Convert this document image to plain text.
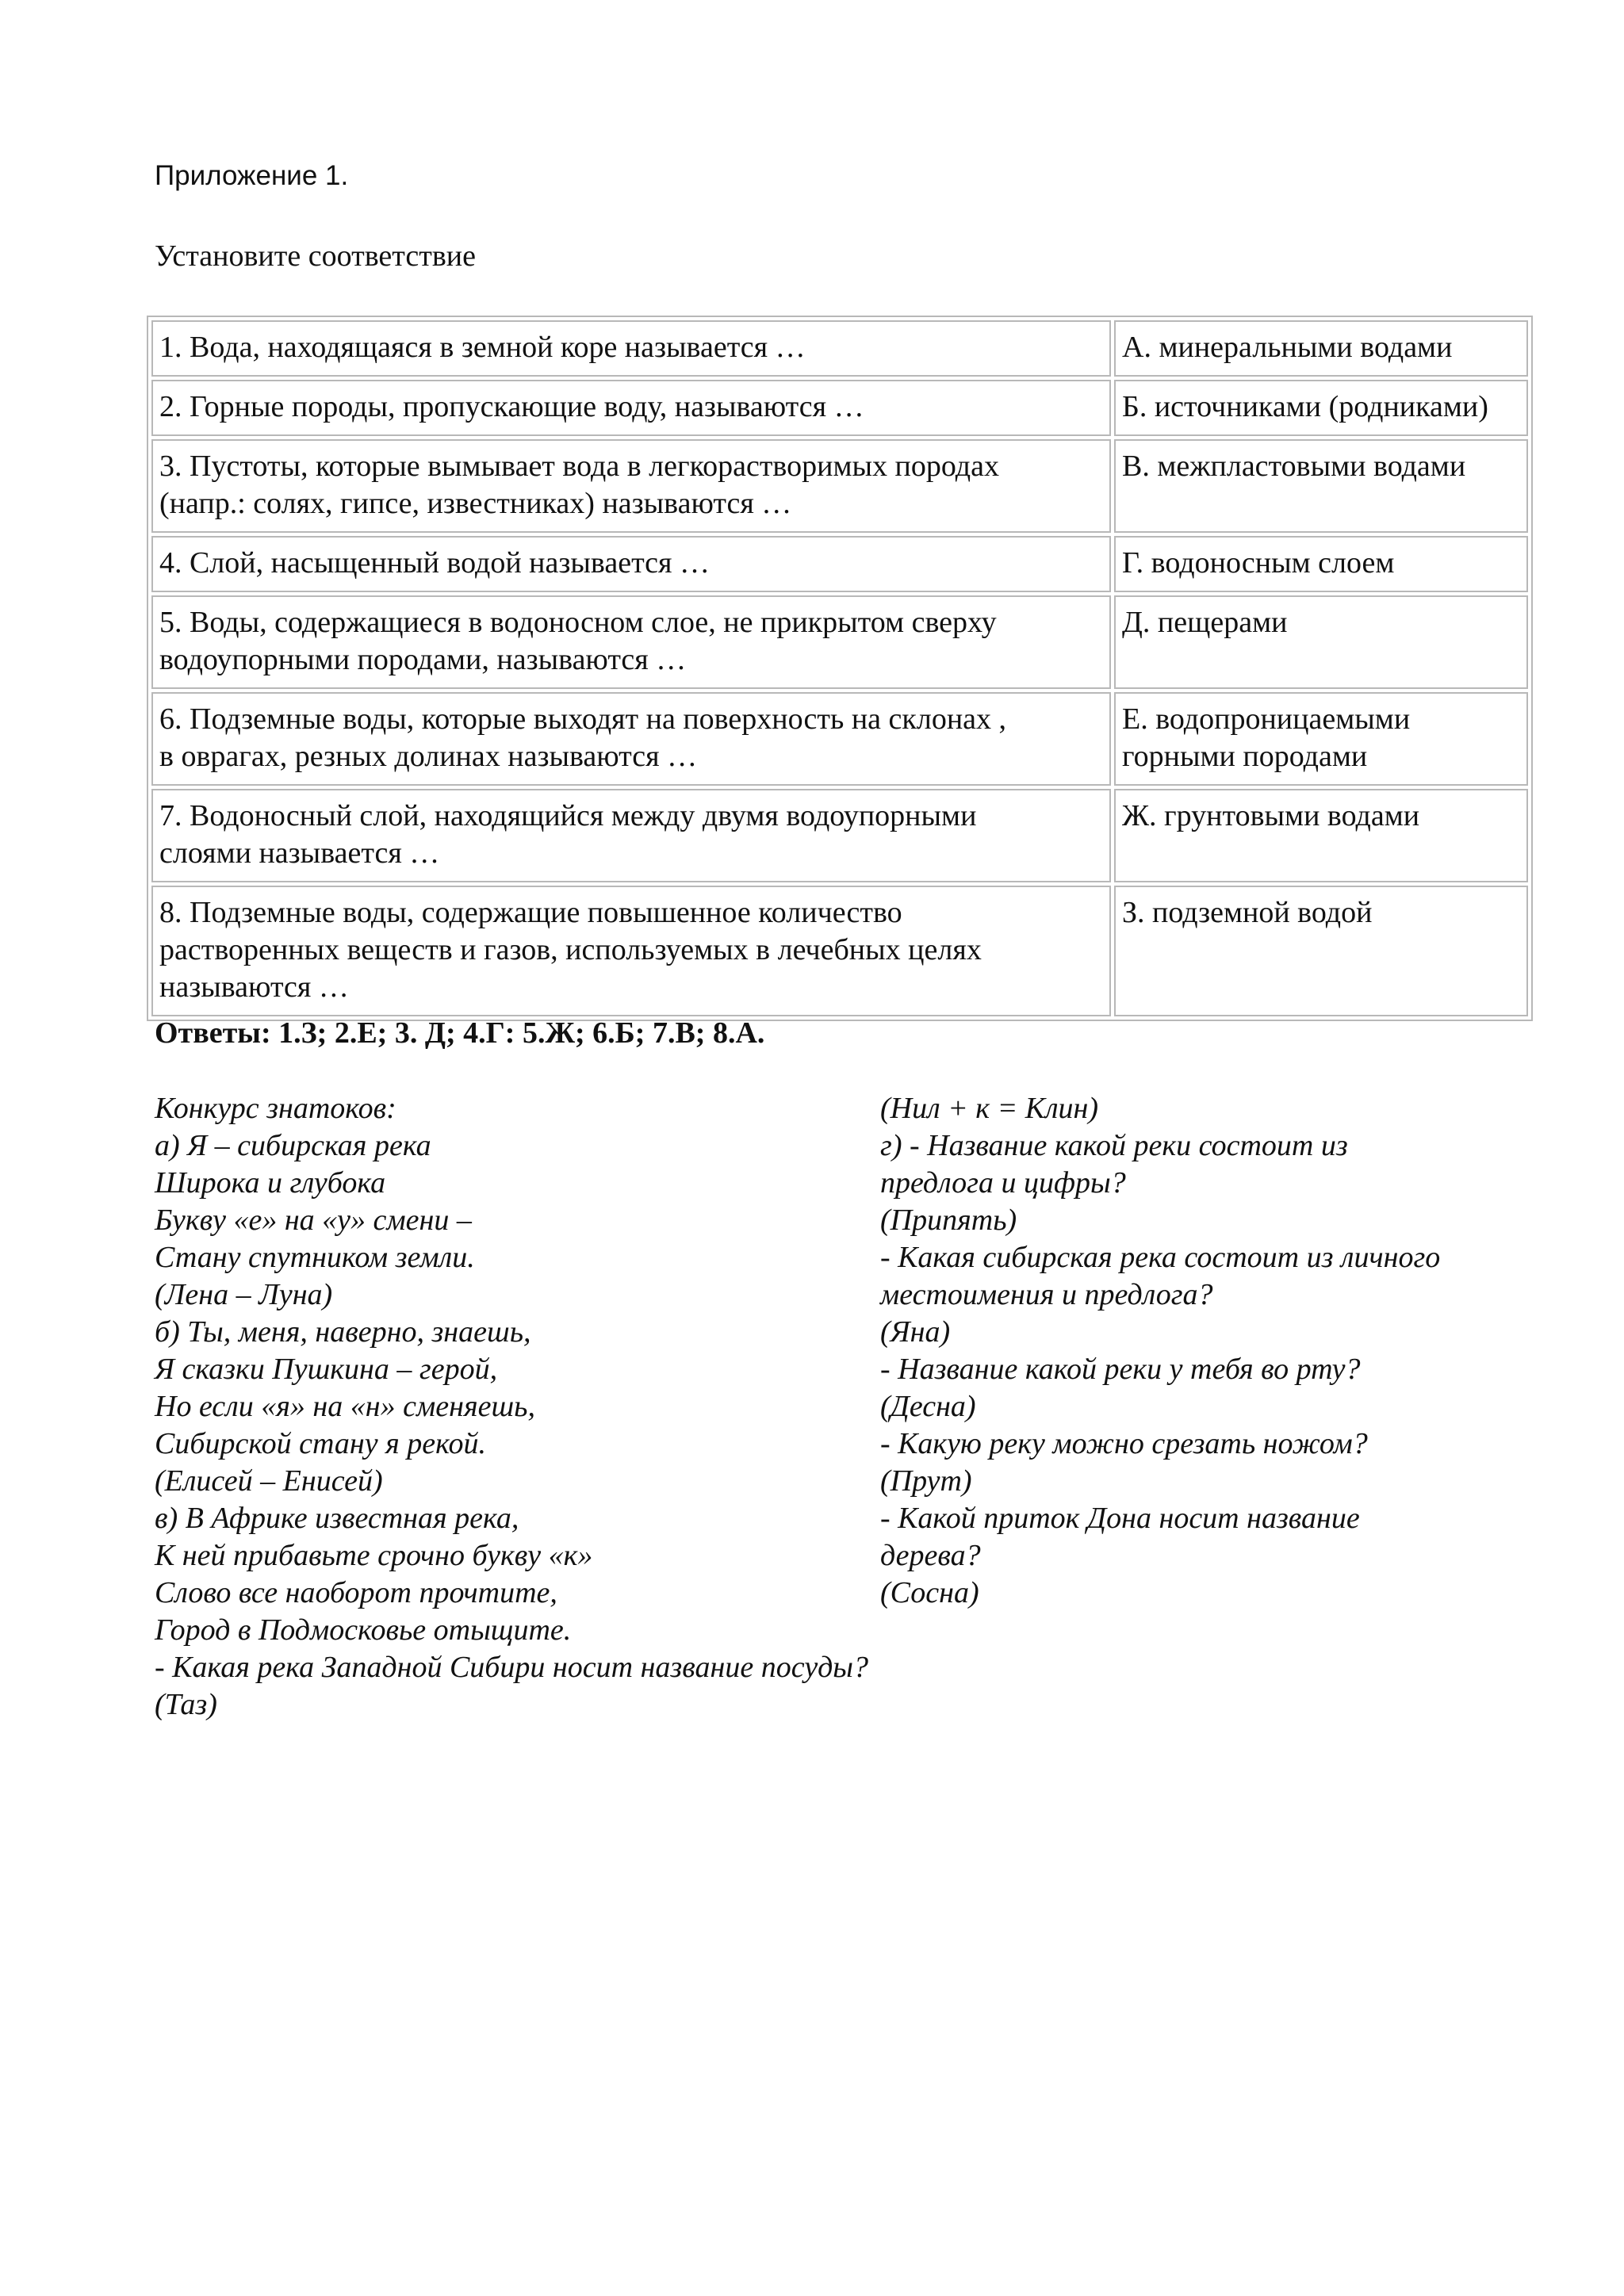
Приложение 1.
Установите соответствие
1. Вода, находящаяся в земной коре называется …	А. минеральными водами
2. Горные породы, пропускающие воду, называются …	Б. источниками (родниками)
3. Пустоты, которые вымывает вода в легкорастворимых породах
(напр.: солях, гипсе, известниках) называются …	В. межпластовыми водами
4. Слой, насыщенный водой называется …	Г. водоносным слоем
5. Воды, содержащиеся в водоносном слое, не прикрытом сверху
водоупорными породами, называются …	Д. пещерами
6. Подземные воды, которые выходят на поверхность на склонах ,
в оврагах, резных долинах называются …	Е. водопроницаемыми
горными породами
7. Водоносный слой, находящийся между двумя водоупорными
слоями называется …	Ж. грунтовыми водами
8. Подземные воды, содержащие повышенное количество
растворенных веществ и газов, используемых в лечебных целях
называются …	З. подземной водой
Ответы: 1.З; 2.Е; 3. Д; 4.Г: 5.Ж; 6.Б; 7.В; 8.А.
Конкурс знатоков:
а) Я – сибирская река
Широка и глубока
Букву «е» на «у» смени –
Стану спутником земли.
(Лена – Луна)
б) Ты, меня, наверно, знаешь,
Я сказки Пушкина – герой,
Но если «я» на «н» сменяешь,
Сибирской стану я рекой.
(Елисей – Енисей)
в) В Африке известная река,
К ней прибавьте срочно букву «к»
Слово все наоборот прочтите,
Город в Подмосковье отыщите.
- Какая река Западной Сибири носит название посуды?
(Таз)
(Нил + к = Клин)
г) - Название какой реки состоит из
предлога и цифры?
(Припять)
- Какая сибирская река состоит из личного
местоимения и предлога?
(Яна)
- Название какой реки у тебя во рту?
(Десна)
- Какую реку можно срезать ножом?
(Прут)
- Какой приток Дона носит название
дерева?
(Сосна)
